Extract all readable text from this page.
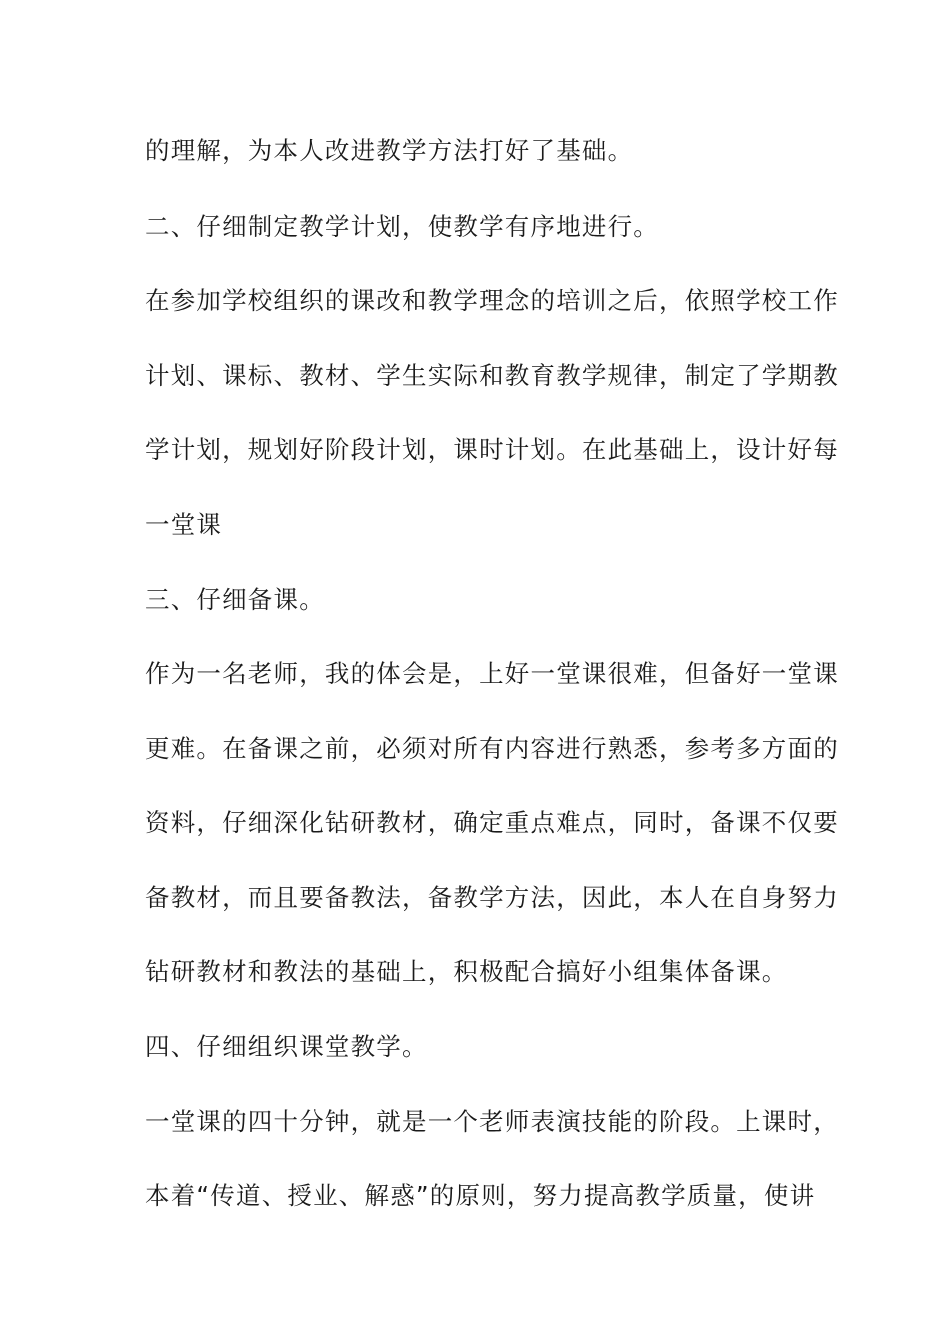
的理解，为本人改进教学方法打好了基础。
二、仔细制定教学计划，使教学有序地进行。
在参加学校组织的课改和教学理念的培训之后，依照学校工作
计划、课标、教材、学生实际和教育教学规律，制定了学期教
学计划，规划好阶段计划，课时计划。在此基础上，设计好每
一堂课
三、仔细备课。
作为一名老师，我的体会是，上好一堂课很难，但备好一堂课
更难。在备课之前，必须对所有内容进行熟悉，参考多方面的
资料，仔细深化钻研教材，确定重点难点，同时，备课不仅要
备教材，而且要备教法，备教学方法，因此，本人在自身努力
钻研教材和教法的基础上，积极配合搞好小组集体备课。
四、仔细组织课堂教学。
一堂课的四十分钟，就是一个老师表演技能的阶段。上课时，
本着“传道、授业、解惑”的原则，努力提高教学质量，使讲
